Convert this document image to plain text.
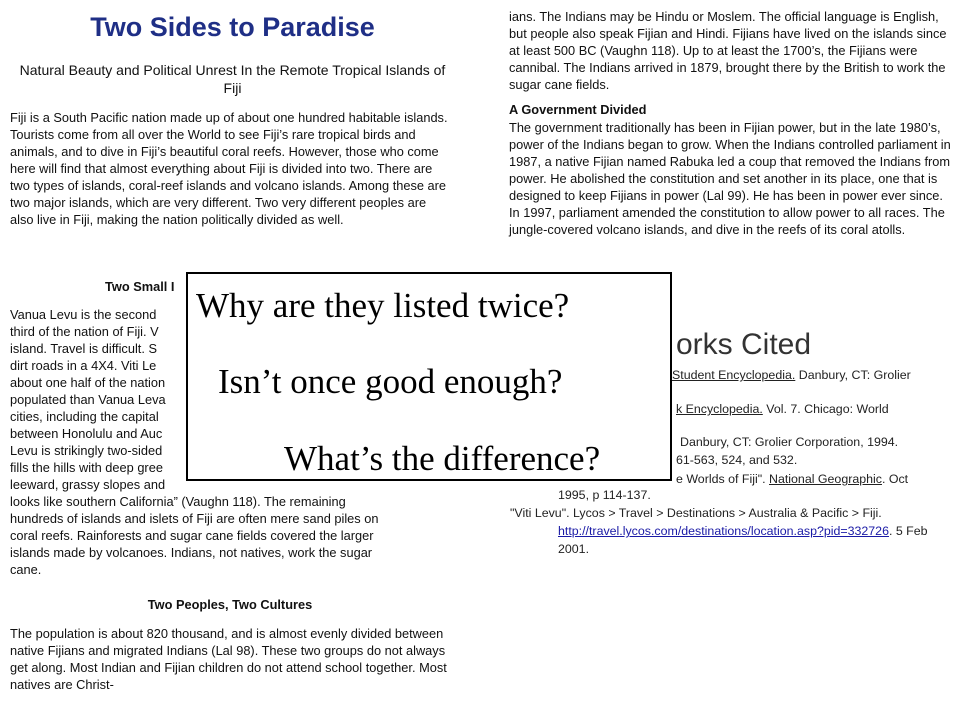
Two Sides to Paradise
Natural Beauty and Political Unrest In the Remote Tropical Islands of Fiji
Fiji is a South Pacific nation made up of about one hundred habitable islands. Tourists come from all over the World to see Fiji’s rare tropical birds and animals, and to dive in Fiji’s beautiful coral reefs. However, those who come here will find that almost everything about Fiji is divided into two. There are two types of islands, coral-reef islands and volcano islands. Among these are two major islands, which are very different. Two very different peoples are also live in Fiji, making the nation politically divided as well.
Two Small I
Vanua Levu is the second
third of the nation of Fiji. V
island. Travel is difficult. S
dirt roads in a 4X4. Viti Le
about one half of the nation
populated than Vanua Leva
cities, including the capital
between Honolulu and Auc
Levu is strikingly two-sided
fills the hills with deep gree
leeward, grassy slopes and
looks like southern California” (Vaughn 118). The remaining
hundreds of islands and islets of Fiji are often mere sand piles on
coral reefs. Rainforests and sugar cane fields covered the larger
islands made by volcanoes. Indians, not natives, work the sugar
cane.
Two Peoples, Two Cultures
The population is about 820 thousand, and is almost evenly divided between native Fijians and migrated Indians (Lal 98). These two groups do not always get along. Most Indian and Fijian children do not attend school together. Most natives are Christ-
ians. The Indians may be Hindu or Moslem. The official language is English, but people also speak Fijian and Hindi. Fijians have lived on the islands since at least 500 BC (Vaughn 118). Up to at least the 1700’s, the Fijians were cannibal. The Indians arrived in 1879, brought there by the British to work the sugar cane fields.
A Government Divided
The government traditionally has been in Fijian power, but in the late 1980’s, power of the Indians began to grow. When the Indians controlled parliament in 1987, a native Fijian named Rabuka led a coup that removed the Indians from power. He abolished the constitution and set another in its place, one that is designed to keep Fijians in power (Lal 99). He has been in power ever since. In 1997, parliament amended the constitution to allow power to all races. The jungle-covered volcano islands, and dive in the reefs of its coral atolls.
orks Cited
Student Encyclopedia. Danbury, CT: Grolier
k Encyclopedia. Vol. 7. Chicago: World
Danbury, CT: Grolier Corporation, 1994.
61-563, 524, and 532.
e Worlds of Fiji". National Geographic. Oct
1995, p 114-137.
"Viti Levu". Lycos > Travel > Destinations > Australia & Pacific > Fiji.
http://travel.lycos.com/destinations/location.asp?pid=332726. 5 Feb
2001.
Why are they listed twice?
Isn’t once good enough?
What’s the difference?
